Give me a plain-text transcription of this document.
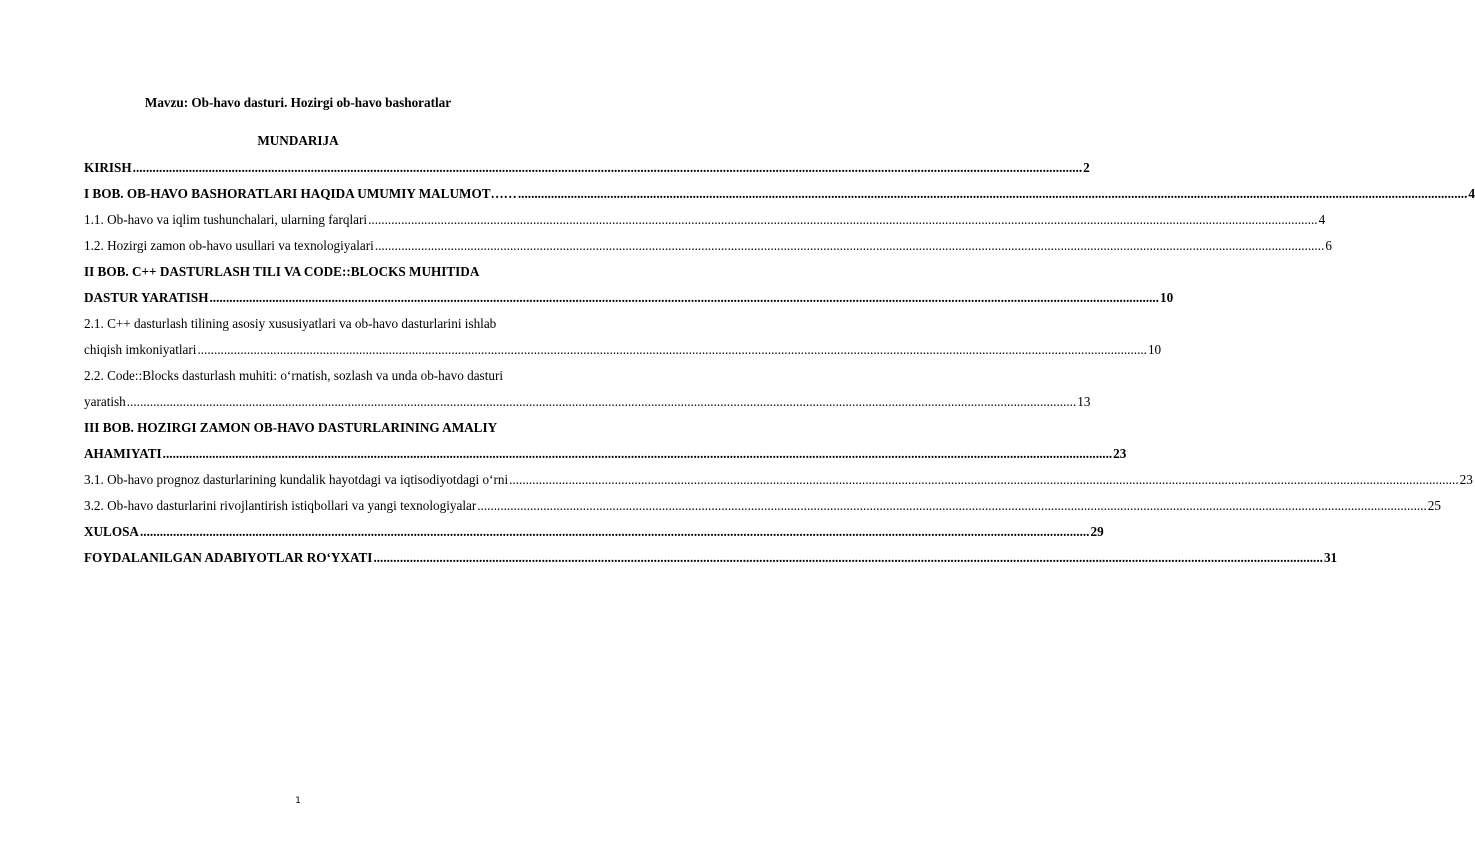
Mavzu: Ob-havo dasturi. Hozirgi ob-havo bashoratlar
MUNDARIJA
KIRISH .....	2
I BOB. OB-HAVO BASHORATLARI HAQIDA UMUMIY MALUMOT…… .....	4
1.1. Ob-havo va iqlim tushunchalari, ularning farqlari .....	4
1.2. Hozirgi zamon ob-havo usullari va texnologiyalari .....	6
II BOB. C++ DASTURLASH TILI VA CODE::BLOCKS MUHITIDA
DASTUR YARATISH .....	10
2.1. C++ dasturlash tilining asosiy xususiyatlari va ob-havo dasturlarini ishlab
chiqish imkoniyatlari .....	10
2.2. Code::Blocks dasturlash muhiti: o‘rnatish, sozlash va unda ob-havo dasturi
yaratish .....	13
III BOB. HOZIRGI ZAMON OB-HAVO DASTURLARINING AMALIY
AHAMIYATI .....	23
3.1. Ob-havo prognoz dasturlarining kundalik hayotdagi va iqtisodiyotdagi o‘rni .....	23
3.2. Ob-havo dasturlarini rivojlantirish istiqbollari va yangi texnologiyalar .....	25
XULOSA .....	29
FOYDALANILGAN ADABIYOTLAR RO‘YXATI .....	31
1
